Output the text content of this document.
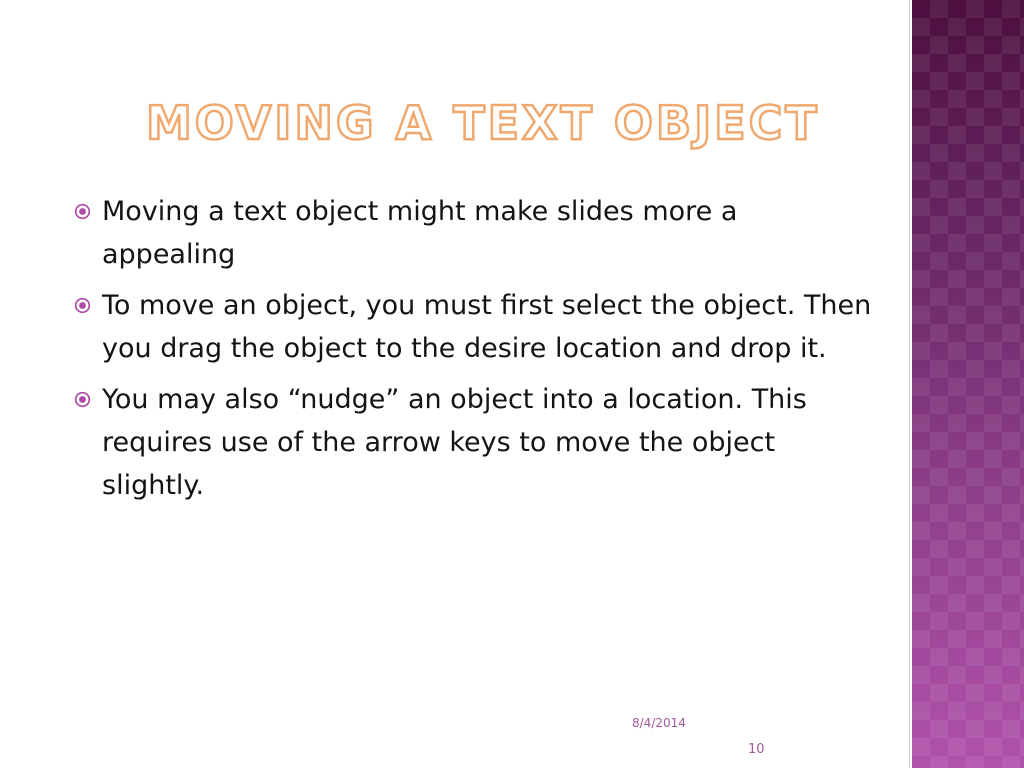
MOVING A TEXT OBJECT
Moving a text object might make slides more a appealing
To move an object, you must first select the object. Then you drag the object to the desire location and drop it.
You may also “nudge” an object into a location. This requires use of the arrow keys to move the object slightly.
8/4/2014
10
